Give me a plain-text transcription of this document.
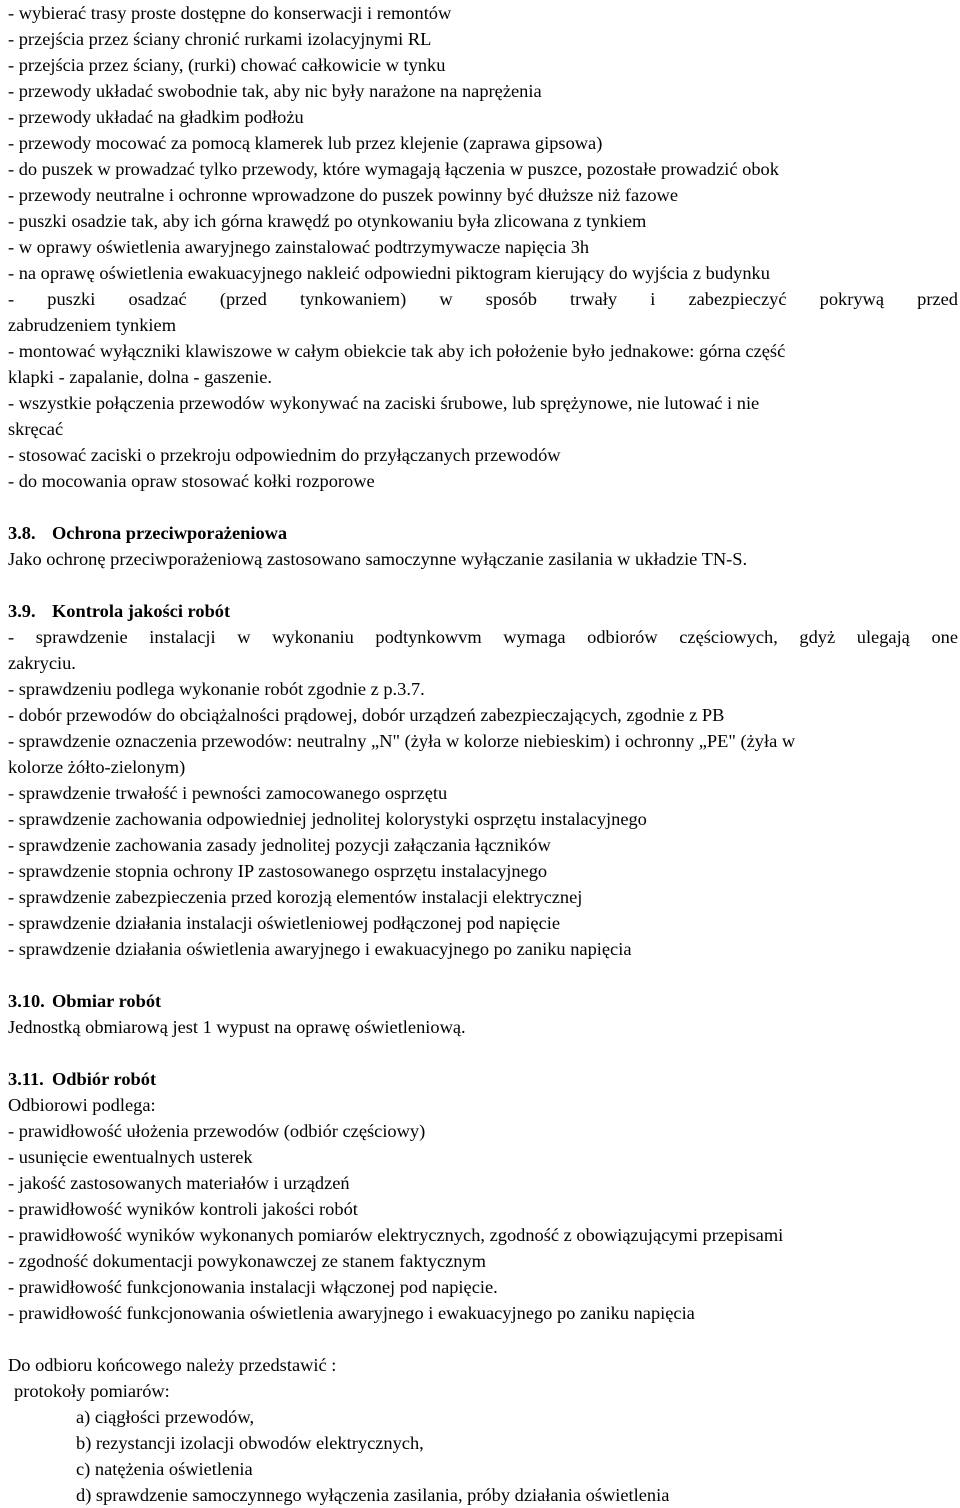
- wybierać trasy proste dostępne do konserwacji i remontów
- przejścia przez ściany chronić rurkami izolacyjnymi RL
- przejścia przez ściany, (rurki) chować całkowicie w tynku
- przewody układać swobodnie tak, aby nic były narażone na naprężenia
- przewody układać na gładkim podłożu
- przewody mocować za pomocą klamerek lub przez klejenie (zaprawa gipsowa)
- do puszek w prowadzać tylko przewody, które wymagają łączenia w puszce, pozostałe prowadzić obok
- przewody neutralne i ochronne wprowadzone do puszek powinny być dłuższe niż fazowe
- puszki osadzie tak, aby ich górna krawędź po otynkowaniu była zlicowana z tynkiem
- w oprawy oświetlenia awaryjnego zainstalować podtrzymywacze napięcia 3h
- na oprawę oświetlenia ewakuacyjnego nakleić odpowiedni piktogram kierujący do wyjścia z budynku
- puszki osadzać (przed tynkowaniem) w sposób trwały i zabezpieczyć pokrywą przed
zabrudzeniem tynkiem
- montować wyłączniki klawiszowe w całym obiekcie tak aby ich położenie było jednakowe: górna część
klapki - zapalanie, dolna - gaszenie.
- wszystkie połączenia przewodów wykonywać na zaciski śrubowe, lub sprężynowe, nie lutować i nie
skręcać
- stosować zaciski o przekroju odpowiednim do przyłączanych przewodów
- do mocowania opraw stosować kołki rozporowe
3.8. Ochrona przeciwporażeniowa
Jako ochronę przeciwporażeniową zastosowano samoczynne wyłączanie zasilania w układzie TN-S.
3.9. Kontrola jakości robót
- sprawdzenie instalacji w wykonaniu podtynkowvm wymaga odbiorów częściowych, gdyż ulegają one
zakryciu.
- sprawdzeniu podlega wykonanie robót zgodnie z p.3.7.
- dobór przewodów do obciążalności prądowej, dobór urządzeń zabezpieczających, zgodnie z PB
- sprawdzenie oznaczenia przewodów: neutralny „N" (żyła w kolorze niebieskim) i ochronny „PE" (żyła w
kolorze żółto-zielonym)
- sprawdzenie trwałość i pewności zamocowanego osprzętu
- sprawdzenie zachowania odpowiedniej jednolitej kolorystyki osprzętu instalacyjnego
- sprawdzenie zachowania zasady jednolitej pozycji załączania łączników
- sprawdzenie stopnia ochrony IP zastosowanego osprzętu instalacyjnego
- sprawdzenie zabezpieczenia przed korozją elementów instalacji elektrycznej
- sprawdzenie działania instalacji oświetleniowej podłączonej pod napięcie
- sprawdzenie działania oświetlenia awaryjnego i ewakuacyjnego po zaniku napięcia
3.10. Obmiar robót
Jednostką obmiarową jest 1 wypust na oprawę oświetleniową.
3.11. Odbiór robót
Odbiorowi podlega:
- prawidłowość ułożenia przewodów (odbiór częściowy)
- usunięcie ewentualnych usterek
- jakość zastosowanych materiałów i urządzeń
- prawidłowość wyników kontroli jakości robót
- prawidłowość wyników wykonanych pomiarów elektrycznych, zgodność z obowiązującymi przepisami
- zgodność dokumentacji powykonawczej ze stanem faktycznym
- prawidłowość funkcjonowania instalacji włączonej pod napięcie.
- prawidłowość funkcjonowania oświetlenia awaryjnego i ewakuacyjnego po zaniku napięcia
Do odbioru końcowego należy przedstawić :
protokoły pomiarów:
a) ciągłości przewodów,
b) rezystancji izolacji obwodów elektrycznych,
c) natężenia oświetlenia
d) sprawdzenie samoczynnego wyłączenia zasilania, próby działania oświetlenia
